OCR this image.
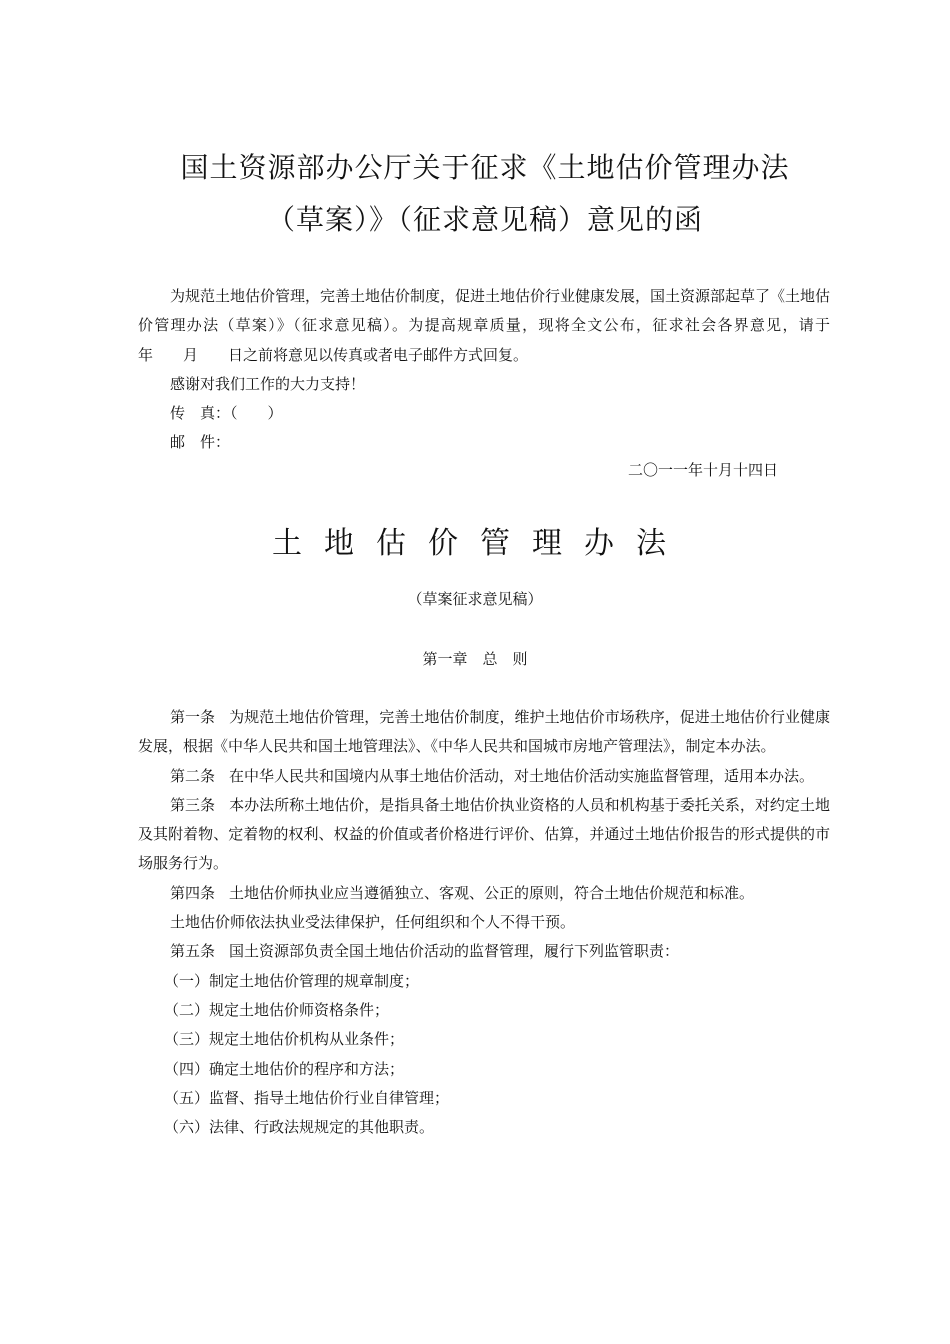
国土资源部办公厅关于征求《土地估价管理办法
（草案）》（征求意见稿）意见的函

为规范土地估价管理，完善土地估价制度，促进土地估价行业健康发展，国土资源部起草了《土地估价管理办法（草案）》（征求意见稿）。为提高规章质量，现将全文公布，征求社会各界意见，请于　　　年　　月　　日之前将意见以传真或者电子邮件方式回复。

感谢对我们工作的大力支持！

传　真：（　　）

邮　件：

二〇一一年十月十四日
土地估价管理办法
（草案征求意见稿）
第一章　总　则

第一条 为规范土地估价管理，完善土地估价制度，维护土地估价市场秩序，促进土地估价行业健康发展，根据《中华人民共和国土地管理法》、《中华人民共和国城市房地产管理法》，制定本办法。

第二条 在中华人民共和国境内从事土地估价活动，对土地估价活动实施监督管理，适用本办法。

第三条 本办法所称土地估价，是指具备土地估价执业资格的人员和机构基于委托关系，对约定土地及其附着物、定着物的权利、权益的价值或者价格进行评价、估算，并通过土地估价报告的形式提供的市场服务行为。

第四条 土地估价师执业应当遵循独立、客观、公正的原则，符合土地估价规范和标准。

土地估价师依法执业受法律保护，任何组织和个人不得干预。

第五条 国土资源部负责全国土地估价活动的监督管理，履行下列监管职责：

（一）制定土地估价管理的规章制度；

（二）规定土地估价师资格条件；

（三）规定土地估价机构从业条件；

（四）确定土地估价的程序和方法；

（五）监督、指导土地估价行业自律管理；

（六）法律、行政法规规定的其他职责。
